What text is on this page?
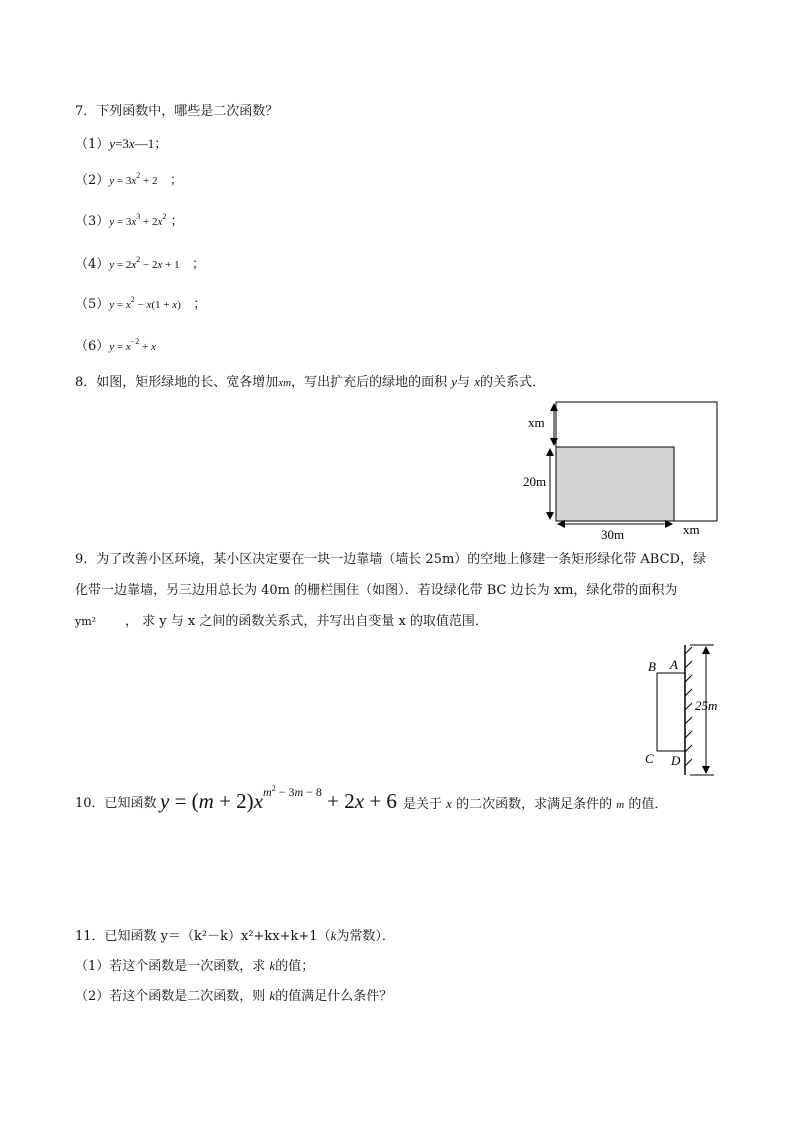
7．下列函数中，哪些是二次函数？
（1）y=3x—1；
$(2)y = 3x^2 + 2$ ；
$(3)y = 3x^3 + 2x^2$ ；
$(4)y = 2x^2 - 2x + 1$ ；
$(5)y = x^2 - x(1 + x)$ ；
$(6)y = x^{-2} + x$
8．如图，矩形绿地的长、宽各增加xm，写出扩充后的绿地的面积 y与 x的关系式．
xm
20m
30m	xm
9．为了改善小区环境，某小区决定要在一块一边靠墙（墙长 25m）的空地上修建一条矩形绿化带 ABCD，绿
化带一边靠墙，另三边用总长为 40m 的栅栏围住（如图）．若设绿化带 BC 边长为 xm，绿化带的面积为
ym² ， 求 y 与 x 之间的函数关系式，并写出自变量 x 的取值范围．
B A
C D
25m
10．已知函数 $y = (m + 2)x^{m^2 - 3m - 8} + 2x + 6$ 是关于 x 的二次函数，求满足条件的 m 的值．
11．已知函数 y＝（k²－k）x²+kx+k+1（k为常数）．
（1）若这个函数是一次函数，求 k的值；
（2）若这个函数是二次函数，则 k的值满足什么条件？
